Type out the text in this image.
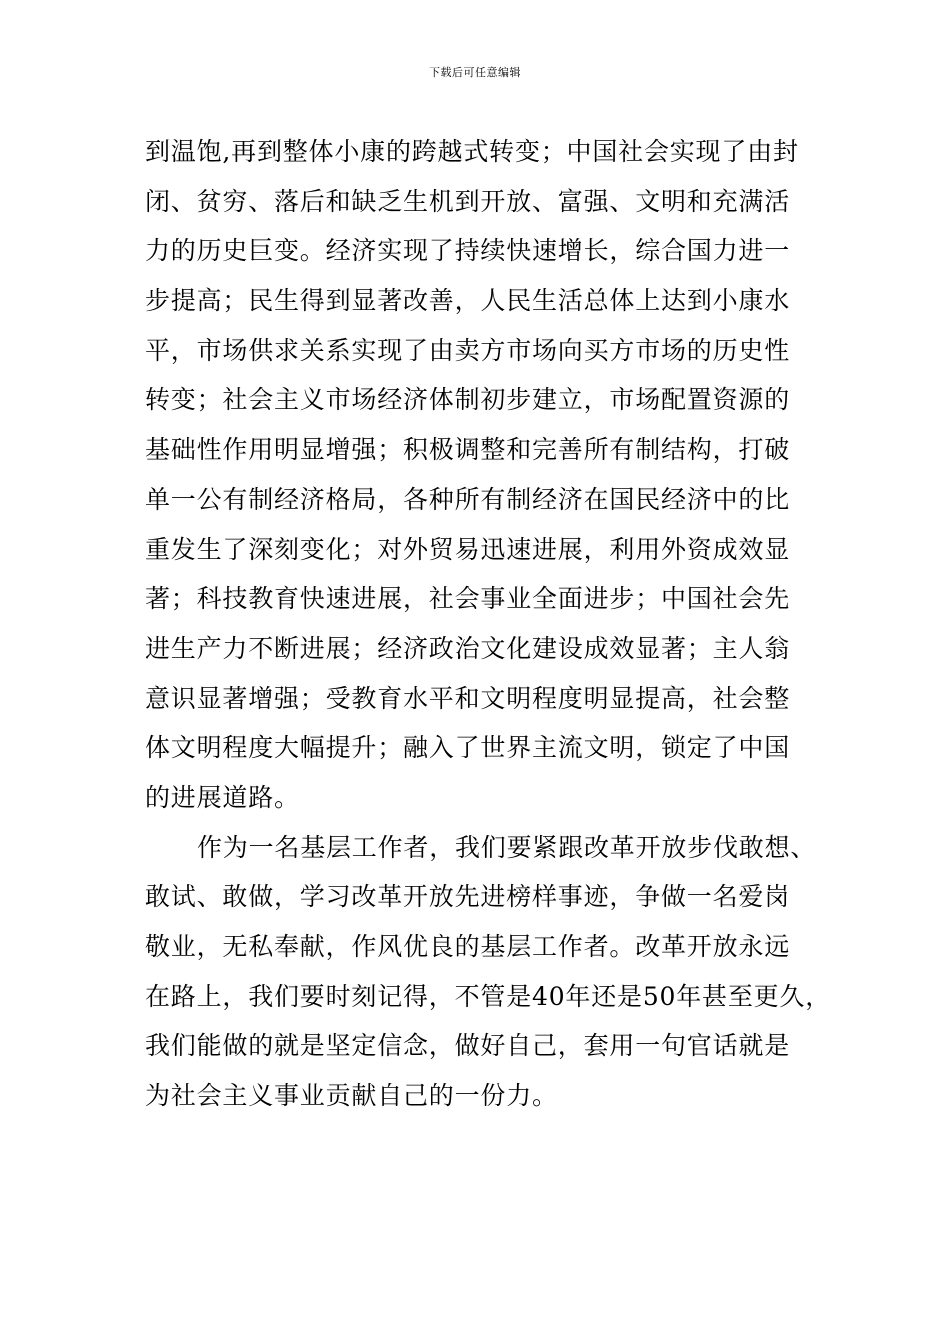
下载后可任意编辑
到温饱,再到整体小康的跨越式转变；中国社会实现了由封
闭、贫穷、落后和缺乏生机到开放、富强、文明和充满活
力的历史巨变。经济实现了持续快速增长，综合国力进一
步提高；民生得到显著改善，人民生活总体上达到小康水
平，市场供求关系实现了由卖方市场向买方市场的历史性
转变；社会主义市场经济体制初步建立，市场配置资源的
基础性作用明显增强；积极调整和完善所有制结构，打破
单一公有制经济格局，各种所有制经济在国民经济中的比
重发生了深刻变化；对外贸易迅速进展，利用外资成效显
著；科技教育快速进展，社会事业全面进步；中国社会先
进生产力不断进展；经济政治文化建设成效显著；主人翁
意识显著增强；受教育水平和文明程度明显提高，社会整
体文明程度大幅提升；融入了世界主流文明，锁定了中国
的进展道路。
作为一名基层工作者，我们要紧跟改革开放步伐敢想、
敢试、敢做，学习改革开放先进榜样事迹，争做一名爱岗
敬业，无私奉献，作风优良的基层工作者。改革开放永远
在路上，我们要时刻记得，不管是40年还是50年甚至更久，
我们能做的就是坚定信念，做好自己，套用一句官话就是
为社会主义事业贡献自己的一份力。
